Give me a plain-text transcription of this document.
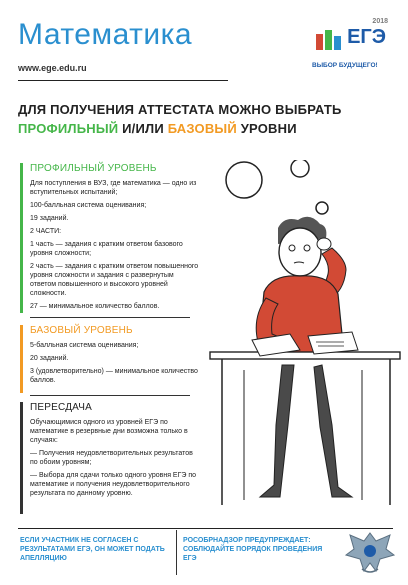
Математика
www.ege.edu.ru
2018
ЕГЭ
ВЫБОР БУДУЩЕГО!
ДЛЯ ПОЛУЧЕНИЯ АТТЕСТАТА МОЖНО ВЫБРАТЬ
ПРОФИЛЬНЫЙ И/ИЛИ БАЗОВЫЙ УРОВНИ
ПРОФИЛЬНЫЙ УРОВЕНЬ

Для поступления в ВУЗ, где математика — одно из вступительных испытаний;

100-балльная система оценивания;

19 заданий.

2 ЧАСТИ:

1 часть — задания с кратким ответом базового уровня сложности;

2 часть — задания с кратким ответом повышенного уровня сложности и задания с развернутым ответом повышенного и высокого уровней сложности.

27 — минимальное количество баллов.

БАЗОВЫЙ УРОВЕНЬ

5-балльная система оценивания;

20 заданий.

3 (удовлетворительно) — минимальное количество баллов.

ПЕРЕСДАЧА

Обучающимися одного из уровней ЕГЭ по математике в резервные дни возможна только в случаях:

— Получения неудовлетворительных результатов по обоим уровням;

— Выбора для сдачи только одного уровня ЕГЭ по математике и получения неудовлетворительного результата по данному уровню.

ЕСЛИ УЧАСТНИК НЕ СОГЛАСЕН С РЕЗУЛЬТАТАМИ ЕГЭ, ОН МОЖЕТ ПОДАТЬ АПЕЛЛЯЦИЮ
РОСОБРНАДЗОР ПРЕДУПРЕЖДАЕТ: СОБЛЮДАЙТЕ ПОРЯДОК ПРОВЕДЕНИЯ ЕГЭ
